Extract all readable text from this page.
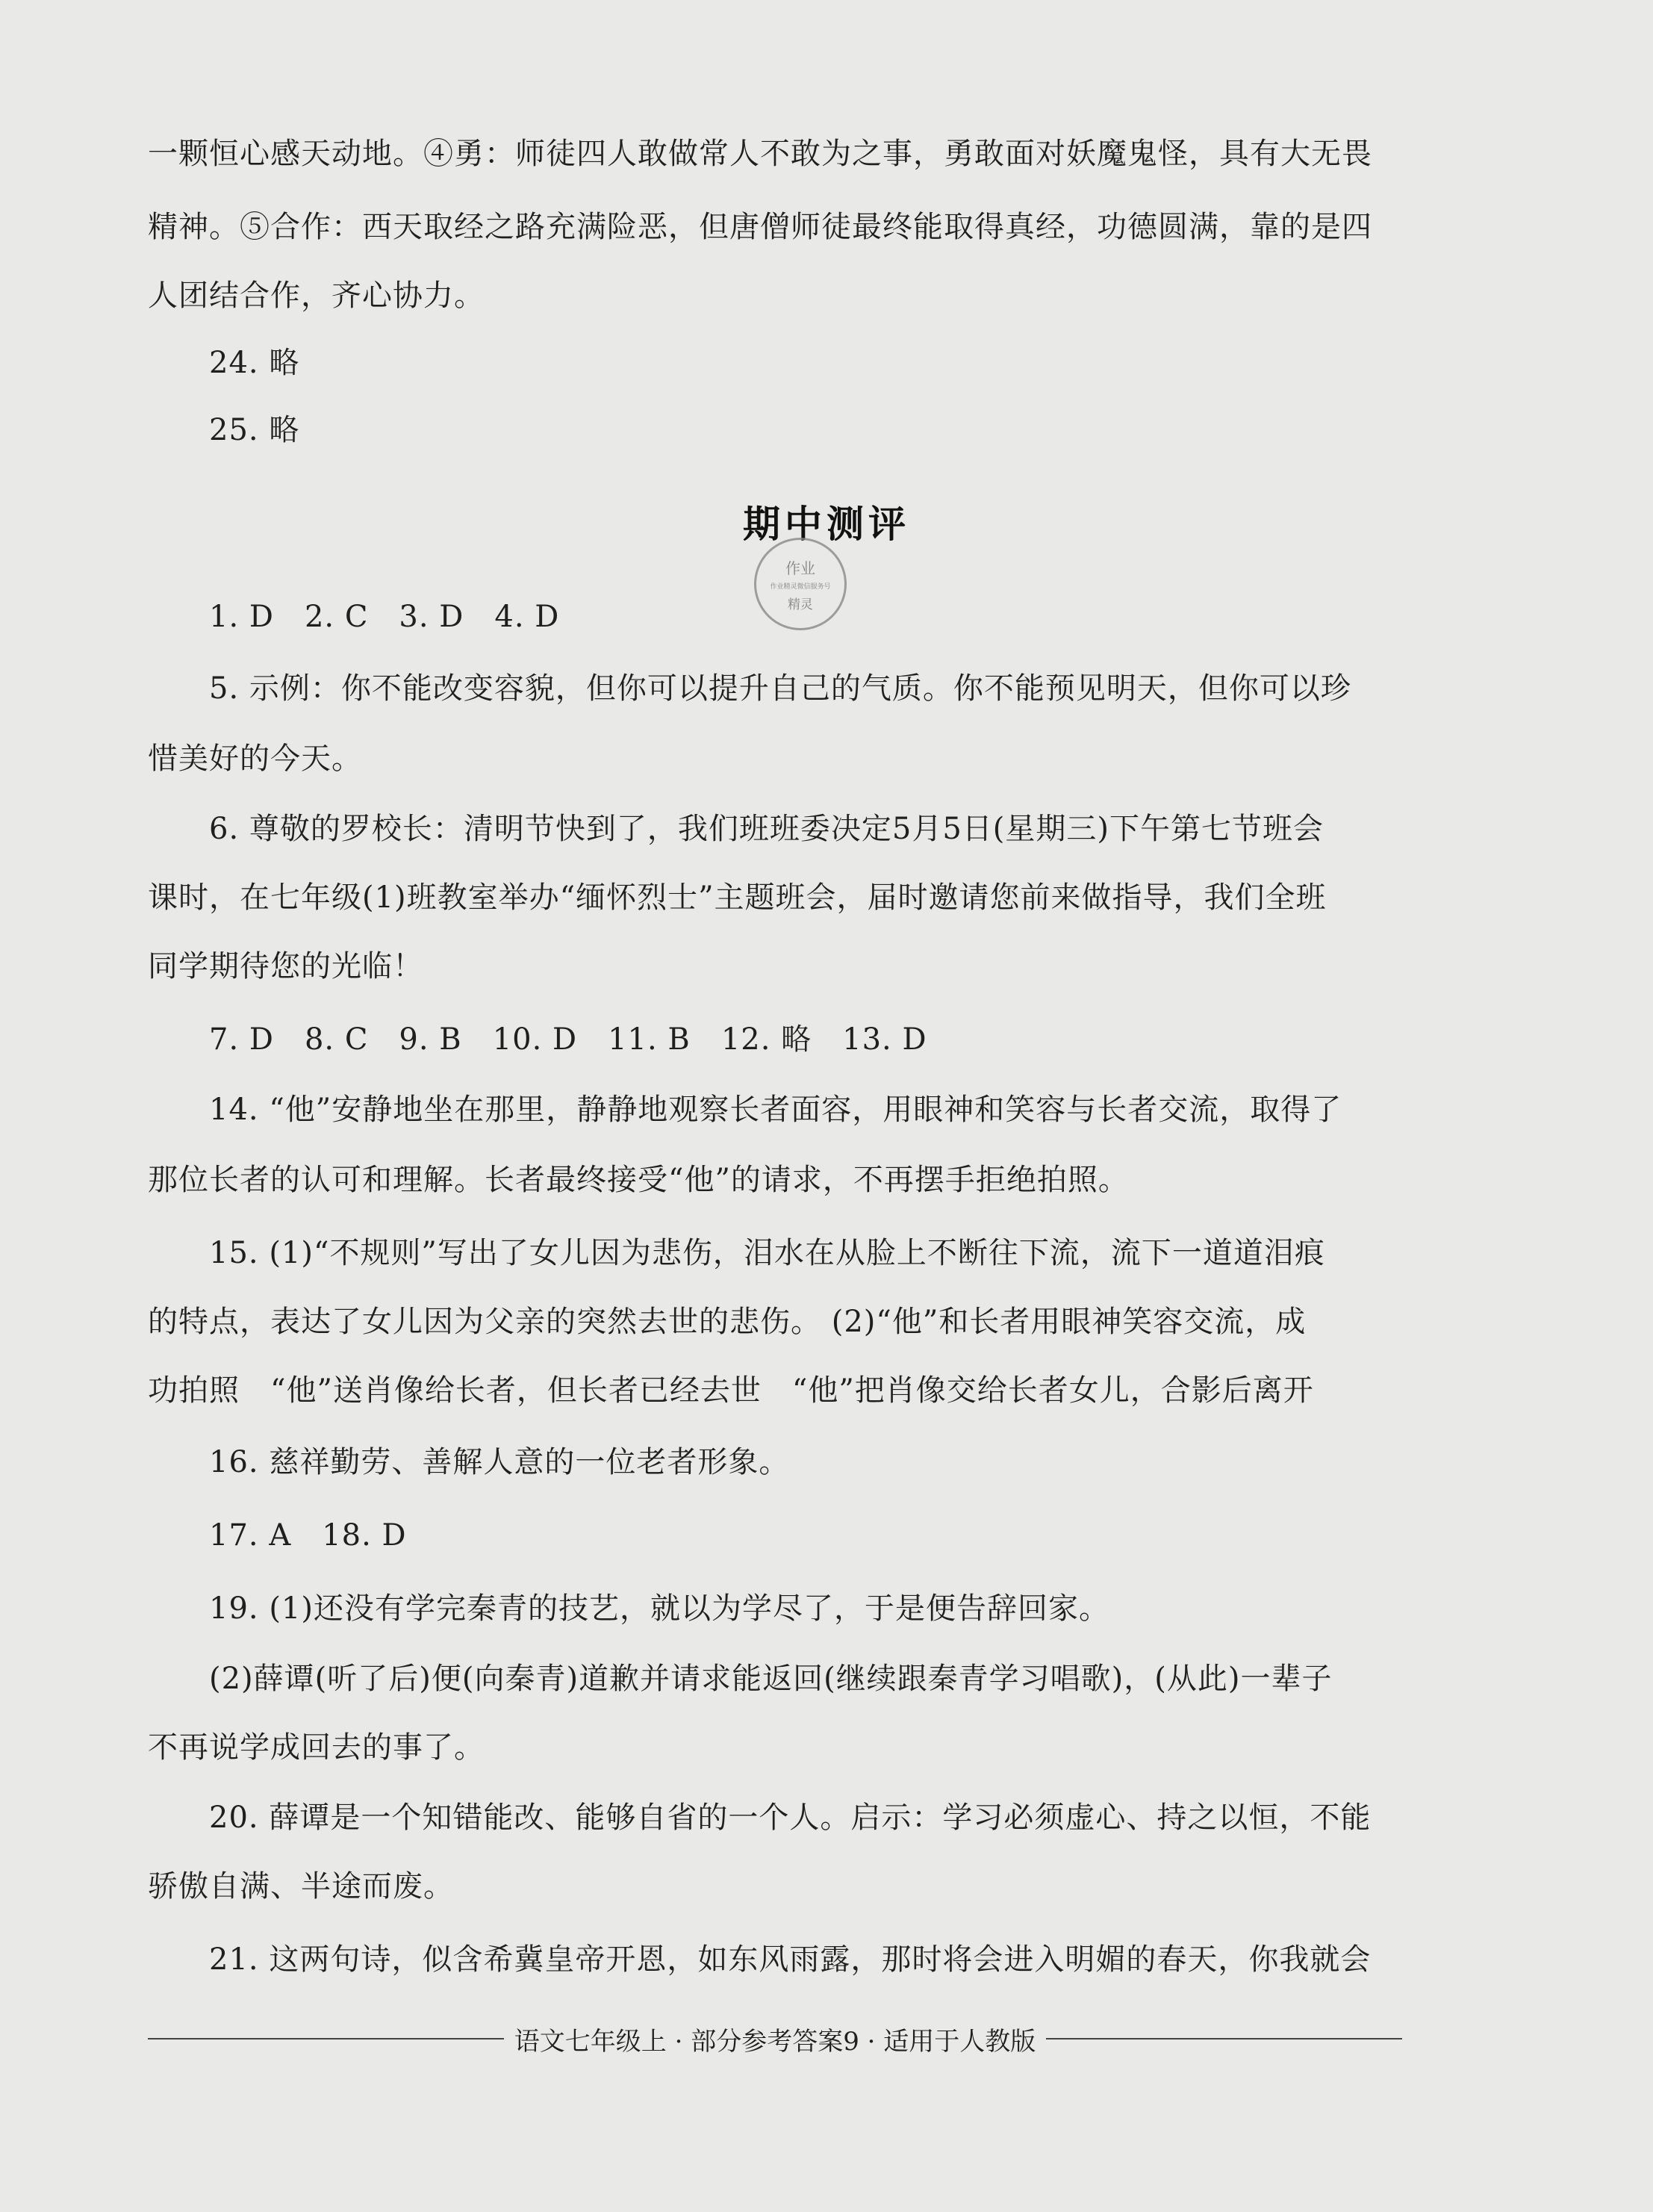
一颗恒心感天动地。④勇：师徒四人敢做常人不敢为之事，勇敢面对妖魔鬼怪，具有大无畏
精神。⑤合作：西天取经之路充满险恶，但唐僧师徒最终能取得真经，功德圆满，靠的是四
人团结合作，齐心协力。
24. 略
25. 略
期中测评
作业
作业精灵微信服务号
精灵
1. D　2. C　3. D　4. D
5. 示例：你不能改变容貌，但你可以提升自己的气质。你不能预见明天，但你可以珍
惜美好的今天。
6. 尊敬的罗校长：清明节快到了，我们班班委决定5月5日(星期三)下午第七节班会
课时，在七年级(1)班教室举办“缅怀烈士”主题班会，届时邀请您前来做指导，我们全班
同学期待您的光临！
7. D　8. C　9. B　10. D　11. B　12. 略　13. D
14. “他”安静地坐在那里，静静地观察长者面容，用眼神和笑容与长者交流，取得了
那位长者的认可和理解。长者最终接受“他”的请求，不再摆手拒绝拍照。
15. (1)“不规则”写出了女儿因为悲伤，泪水在从脸上不断往下流，流下一道道泪痕
的特点，表达了女儿因为父亲的突然去世的悲伤。 (2)“他”和长者用眼神笑容交流，成
功拍照　“他”送肖像给长者，但长者已经去世　“他”把肖像交给长者女儿，合影后离开
16. 慈祥勤劳、善解人意的一位老者形象。
17. A　18. D
19. (1)还没有学完秦青的技艺，就以为学尽了，于是便告辞回家。
(2)薛谭(听了后)便(向秦青)道歉并请求能返回(继续跟秦青学习唱歌)，(从此)一辈子
不再说学成回去的事了。
20. 薛谭是一个知错能改、能够自省的一个人。启示：学习必须虚心、持之以恒，不能
骄傲自满、半途而废。
21. 这两句诗，似含希冀皇帝开恩，如东风雨露，那时将会进入明媚的春天，你我就会
语文七年级上 · 部分参考答案9 · 适用于人教版
